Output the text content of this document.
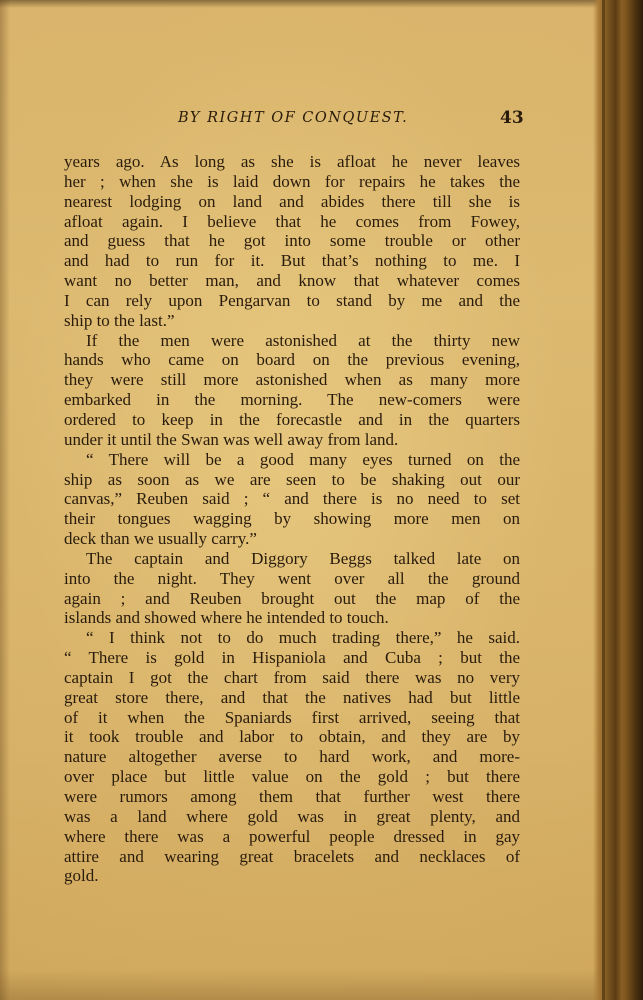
BY RIGHT OF CONQUEST.	43
years ago. As long as she is afloat he never leaves
her ; when she is laid down for repairs he takes the
nearest lodging on land and abides there till she is
afloat again. I believe that he comes from Fowey,
and guess that he got into some trouble or other
and had to run for it. But that’s nothing to me. I
want no better man, and know that whatever comes
I can rely upon Pengarvan to stand by me and the
ship to the last.”
If the men were astonished at the thirty new
hands who came on board on the previous evening,
they were still more astonished when as many more
embarked in the morning. The new-comers were
ordered to keep in the forecastle and in the quarters
under it until the Swan was well away from land.
“ There will be a good many eyes turned on the
ship as soon as we are seen to be shaking out our
canvas,” Reuben said ; “ and there is no need to set
their tongues wagging by showing more men on
deck than we usually carry.”
The captain and Diggory Beggs talked late on
into the night. They went over all the ground
again ; and Reuben brought out the map of the
islands and showed where he intended to touch.
“ I think not to do much trading there,” he said.
“ There is gold in Hispaniola and Cuba ; but the
captain I got the chart from said there was no very
great store there, and that the natives had but little
of it when the Spaniards first arrived, seeing that
it took trouble and labor to obtain, and they are by
nature altogether averse to hard work, and more-
over place but little value on the gold ; but there
were rumors among them that further west there
was a land where gold was in great plenty, and
where there was a powerful people dressed in gay
attire and wearing great bracelets and necklaces of
gold.
